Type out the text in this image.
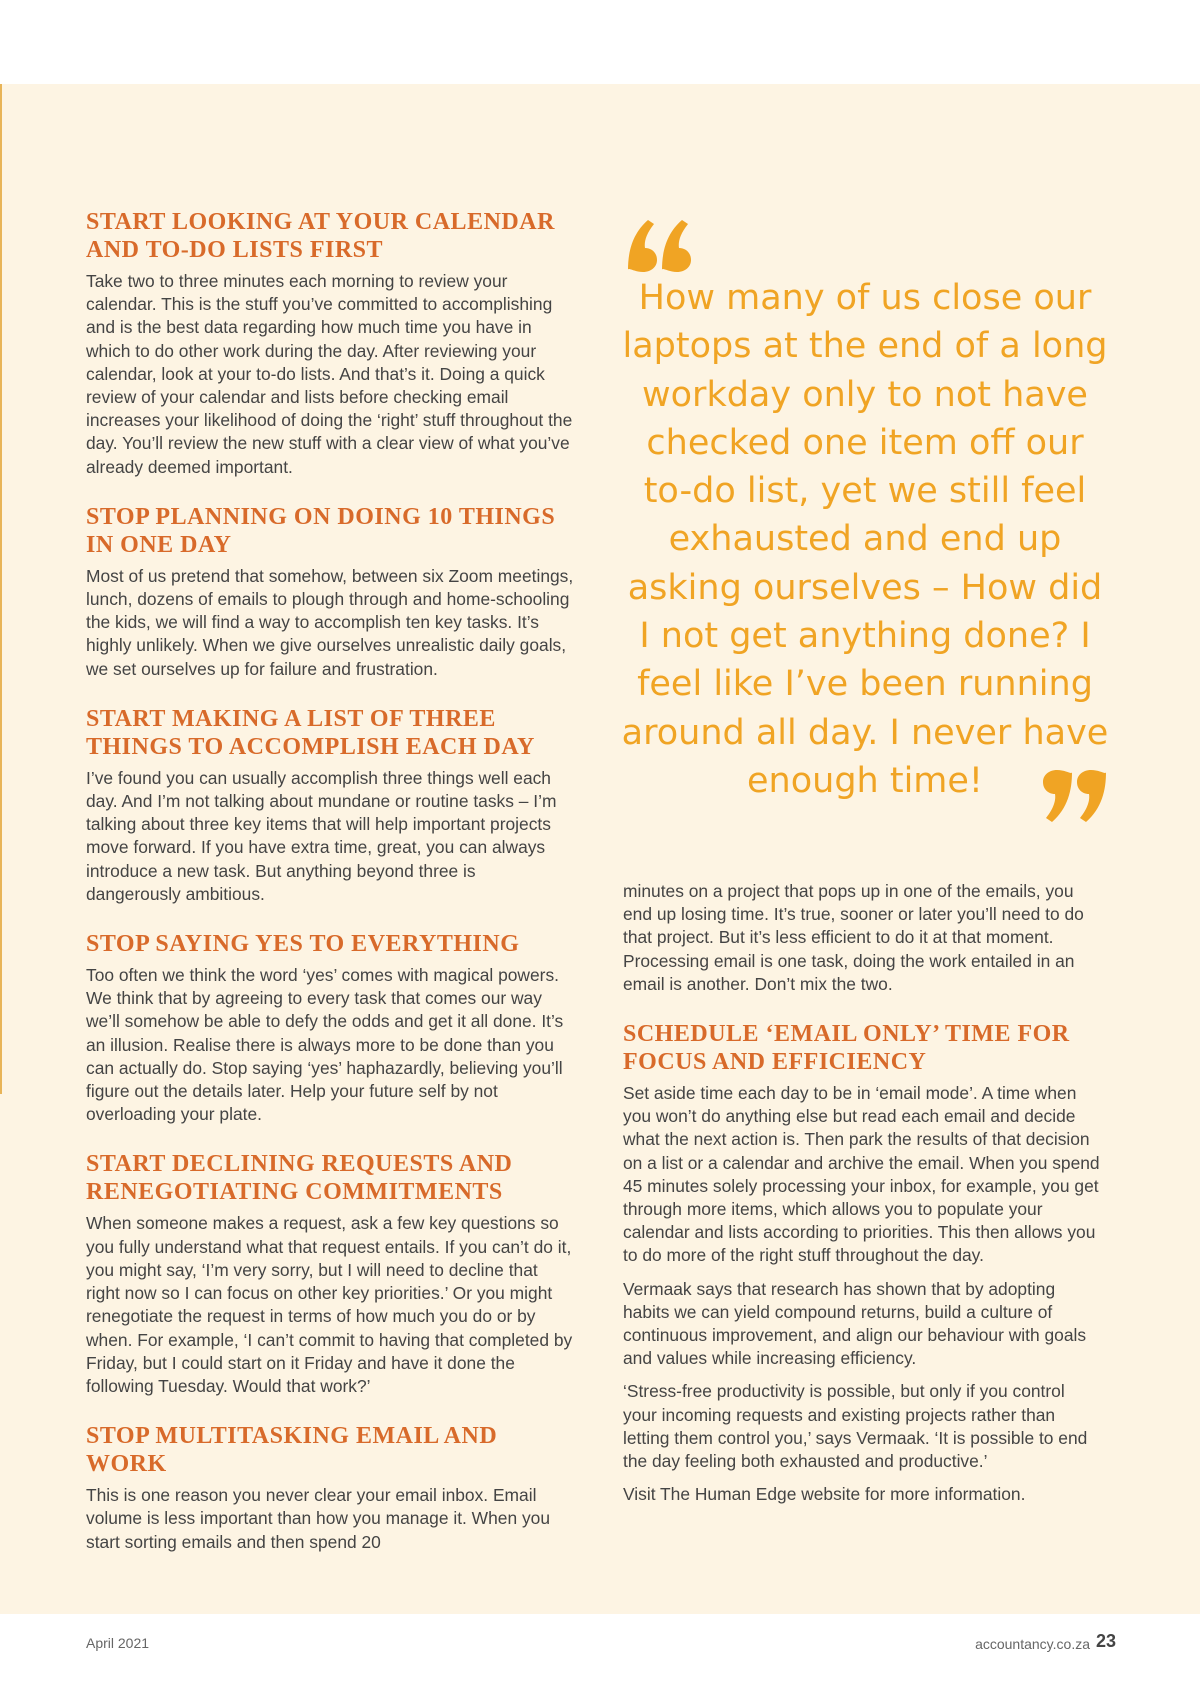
START LOOKING AT YOUR CALENDAR AND TO-DO LISTS FIRST

Take two to three minutes each morning to review your calendar. This is the stuff you’ve committed to accomplishing and is the best data regarding how much time you have in which to do other work during the day. After reviewing your calendar, look at your to-do lists. And that’s it. Doing a quick review of your calendar and lists before checking email increases your likelihood of doing the ‘right’ stuff throughout the day. You’ll review the new stuff with a clear view of what you’ve already deemed important.

STOP PLANNING ON DOING 10 THINGS IN ONE DAY

Most of us pretend that somehow, between six Zoom meetings, lunch, dozens of emails to plough through and home-schooling the kids, we will find a way to accomplish ten key tasks. It’s highly unlikely. When we give ourselves unrealistic daily goals, we set ourselves up for failure and frustration.

START MAKING A LIST OF THREE THINGS TO ACCOMPLISH EACH DAY

I’ve found you can usually accomplish three things well each day. And I’m not talking about mundane or routine tasks – I’m talking about three key items that will help important projects move forward. If you have extra time, great, you can always introduce a new task. But anything beyond three is dangerously ambitious.

STOP SAYING YES TO EVERYTHING

Too often we think the word ‘yes’ comes with magical powers. We think that by agreeing to every task that comes our way we’ll somehow be able to defy the odds and get it all done. It’s an illusion. Realise there is always more to be done than you can actually do. Stop saying ‘yes’ haphazardly, believing you’ll figure out the details later. Help your future self by not overloading your plate.

START DECLINING REQUESTS AND RENEGOTIATING COMMITMENTS

When someone makes a request, ask a few key questions so you fully understand what that request entails. If you can’t do it, you might say, ‘I’m very sorry, but I will need to decline that right now so I can focus on other key priorities.’ Or you might renegotiate the request in terms of how much you do or by when. For example, ‘I can’t commit to having that completed by Friday, but I could start on it Friday and have it done the following Tuesday. Would that work?’

STOP MULTITASKING EMAIL AND WORK

This is one reason you never clear your email inbox. Email volume is less important than how you manage it. When you start sorting emails and then spend 20

How many of us close our laptops at the end of a long workday only to not have checked one item off our to-do list, yet we still feel exhausted and end up asking ourselves – How did I not get anything done? I feel like I’ve been running around all day. I never have enough time!

minutes on a project that pops up in one of the emails, you end up losing time. It’s true, sooner or later you’ll need to do that project. But it’s less efficient to do it at that moment. Processing email is one task, doing the work entailed in an email is another. Don’t mix the two.

SCHEDULE ‘EMAIL ONLY’ TIME FOR FOCUS AND EFFICIENCY

Set aside time each day to be in ‘email mode’. A time when you won’t do anything else but read each email and decide what the next action is. Then park the results of that decision on a list or a calendar and archive the email. When you spend 45 minutes solely processing your inbox, for example, you get through more items, which allows you to populate your calendar and lists according to priorities. This then allows you to do more of the right stuff throughout the day.

Vermaak says that research has shown that by adopting habits we can yield compound returns, build a culture of continuous improvement, and align our behaviour with goals and values while increasing efficiency.

‘Stress-free productivity is possible, but only if you control your incoming requests and existing projects rather than letting them control you,’ says Vermaak. ‘It is possible to end the day feeling both exhausted and productive.’

Visit The Human Edge website for more information.

April 2021	accountancy.co.za 23
